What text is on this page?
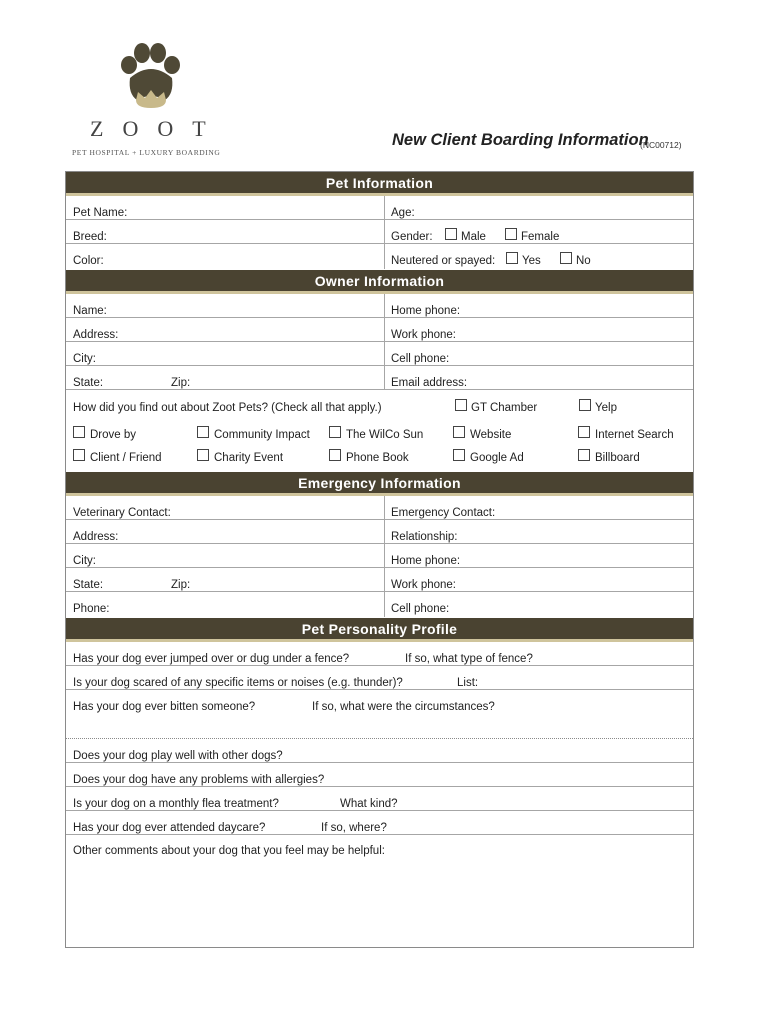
ZOOT
PET HOSPITAL + LUXURY BOARDING
New Client Boarding Information
(NC00712)
Pet Information
Pet Name:	Age:
Breed:	Gender: Male	Female
Color:	Neutered or spayed: Yes	No
Owner Information
Name:	Home phone:
Address:	Work phone:
City:	Cell phone:
State:	Zip:	Email address:
How did you find out about Zoot Pets? (Check all that apply.)	GT Chamber	Yelp
Drove by	Community Impact	The WilCo Sun	Website	Internet Search
Client / Friend	Charity Event	Phone Book	Google Ad	Billboard
Emergency Information
Veterinary Contact:	Emergency Contact:
Address:	Relationship:
City:	Home phone:
State:	Zip:	Work phone:
Phone:	Cell phone:
Pet Personality Profile
Has your dog ever jumped over or dug under a fence?	If so, what type of fence?
Is your dog scared of any specific items or noises (e.g. thunder)?	List:
Has your dog ever bitten someone?	If so, what were the circumstances?
Does your dog play well with other dogs?
Does your dog have any problems with allergies?
Is your dog on a monthly flea treatment?	What kind?
Has your dog ever attended daycare?	If so, where?
Other comments about your dog that you feel may be helpful:
